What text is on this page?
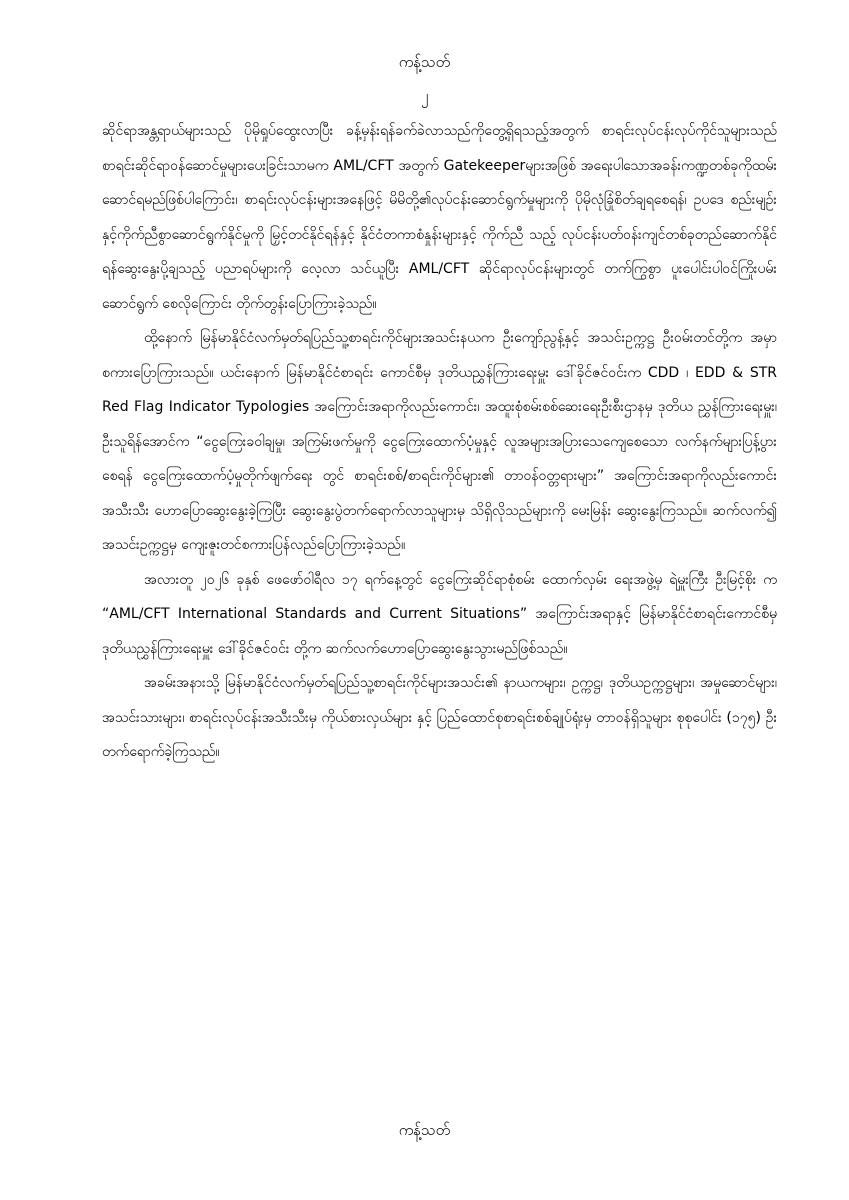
ကန့်သတ်
၂

ဆိုင်ရာအန္တရာယ်များသည် ပိုမိုရှုပ်ထွေးလာပြီး ခန့်မှန်းရန်ခက်ခဲလာသည်ကိုတွေ့ရှိရသည့်အတွက် စာရင်းလုပ်ငန်းလုပ်ကိုင်သူများသည် စာရင်းဆိုင်ရာဝန်ဆောင်မှုများပေးခြင်းသာမက AML/CFT အတွက် Gatekeeperများအဖြစ် အရေးပါသောအခန်းကဏ္ဍတစ်ခုကိုထမ်းဆောင်ရမည်ဖြစ်ပါကြောင်း၊ စာရင်းလုပ်ငန်းများအနေဖြင့် မိမိတို့၏လုပ်ငန်းဆောင်ရွက်မှုများကို ပိုမိုလုံခြုံစိတ်ချရစေရန်၊ ဥပဒေ စည်းမျဉ်းနှင့်ကိုက်ညီစွာဆောင်ရွက်နိုင်မှုကို မြှင့်တင်နိုင်ရန်နှင့် နိုင်ငံတကာစံနှုန်းများနှင့် ကိုက်ညီ သည့် လုပ်ငန်းပတ်ဝန်းကျင်တစ်ခုတည်ဆောက်နိုင်ရန်ဆွေးနွေးပို့ချသည့် ပညာရပ်များကို လေ့လာ သင်ယူပြီး AML/CFT ဆိုင်ရာလုပ်ငန်းများတွင် တက်ကြွစွာ ပူးပေါင်းပါဝင်ကြိုးပမ်းဆောင်ရွက် စေလိုကြောင်း တိုက်တွန်းပြောကြားခဲ့သည်။

ထို့နောက် မြန်မာနိုင်ငံလက်မှတ်ရပြည်သူ့စာရင်းကိုင်များအသင်းနယက ဦးကျော်ညွန့်နှင့် အသင်းဥက္ကဋ္ဌ ဦးဝမ်းတင်တို့က အမှာစကားပြောကြားသည်။ ယင်းနောက် မြန်မာနိုင်ငံစာရင်း ကောင်စီမှ ဒုတိယညွှန်ကြားရေးမှူး ဒေါ်ခိုင်ဇင်ဝင်းက CDD ၊ EDD & STR Red Flag Indicator Typologies အကြောင်းအရာကိုလည်းကောင်း၊ အထူးစုံစမ်းစစ်ဆေးရေးဦးစီးဌာနမှ ဒုတိယ ညွှန်ကြားရေးမှူး၊ ဦးသူရိန်အောင်က “ငွေကြေးခဝါချမှု၊ အကြမ်းဖက်မှုကို ငွေကြေးထောက်ပံ့မှုနှင့် လူအများအပြားသေကျေစေသော လက်နက်များပြန့်ပွားစေရန် ငွေကြေးထောက်ပံ့မှုတိုက်ဖျက်ရေး တွင် စာရင်းစစ်/စာရင်းကိုင်များ၏ တာဝန်ဝတ္တရားများ” အကြောင်းအရာကိုလည်းကောင်း အသီးသီး ဟောပြောဆွေးနွေးခဲ့ကြပြီး ဆွေးနွေးပွဲတက်ရောက်လာသူများမှ သိရှိလိုသည်များကို မေးမြန်း ဆွေးနွေးကြသည်။ ဆက်လက်၍ အသင်းဥက္ကဋ္ဌမှ ကျေးဇူးတင်စကားပြန်လည်ပြောကြားခဲ့သည်။

အလားတူ ၂၀၂၆ ခုနှစ် ဖေဖော်ဝါရီလ ၁၇ ရက်နေ့တွင် ငွေကြေးဆိုင်ရာစုံစမ်း ထောက်လှမ်း ရေးအဖွဲ့မှ ရဲမှူးကြီး ဦးမြင့်စိုး က “AML/CFT International Standards and Current Situations” အကြောင်းအရာနှင့် မြန်မာနိုင်ငံစာရင်းကောင်စီမှ ဒုတိယညွှန်ကြားရေးမှူး ဒေါ်ခိုင်ဇင်ဝင်း တို့က ဆက်လက်ဟောပြောဆွေးနွေးသွားမည်ဖြစ်သည်။

အခမ်းအနားသို့ မြန်မာနိုင်ငံလက်မှတ်ရပြည်သူ့စာရင်းကိုင်များအသင်း၏ နာယကများ၊ ဥက္ကဋ္ဌ၊ ဒုတိယဥက္ကဋ္ဌများ၊ အမှုဆောင်များ၊ အသင်းသားများ၊ စာရင်းလုပ်ငန်းအသီးသီးမှ ကိုယ်စားလှယ်များ နှင့် ပြည်ထောင်စုစာရင်းစစ်ချုပ်ရုံးမှ တာဝန်ရှိသူများ စုစုပေါင်း (၁၇၅) ဦး တက်ရောက်ခဲ့ကြသည်။

ကန့်သတ်
